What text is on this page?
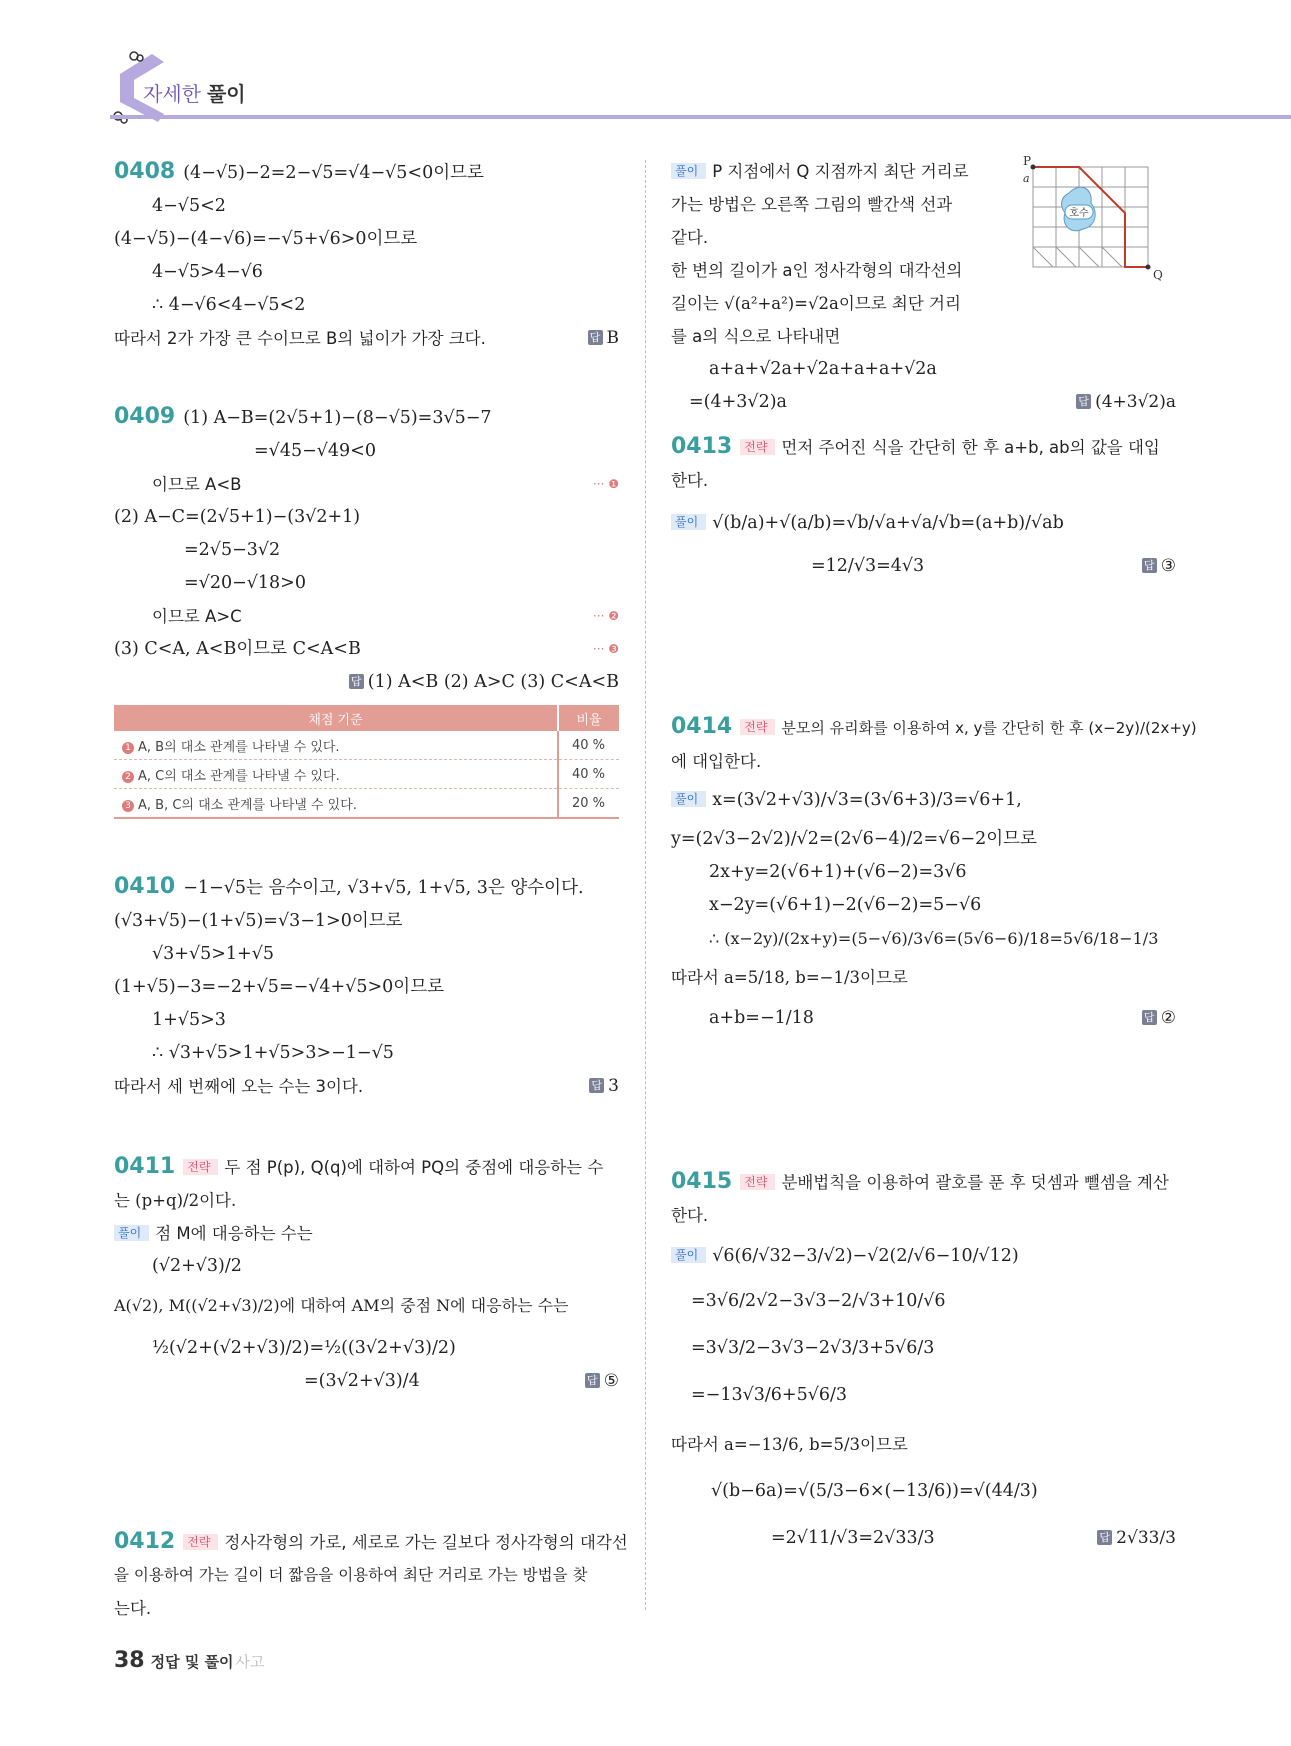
자세한 풀이
0408 (4−√5)−2=2−√5=√4−√5<0이므로
4−√5<2
(4−√5)−(4−√6)=−√5+√6>0이므로
4−√5>4−√6
∴ 4−√6<4−√5<2
따라서 2가 가장 큰 수이므로 B의 넓이가 가장 크다.	답 B
0409 (1) A−B=(2√5+1)−(8−√5)=3√5−7
=√45−√49<0
이므로 A<B	··· ❶
(2) A−C=(2√5+1)−(3√2+1)
=2√5−3√2
=√20−√18>0
이므로 A>C	··· ❷
(3) C<A, A<B이므로 C<A<B	··· ❸
답 (1) A<B (2) A>C (3) C<A<B
채점 기준	비율
1 A, B의 대소 관계를 나타낼 수 있다.	40 %
2 A, C의 대소 관계를 나타낼 수 있다.	40 %
3 A, B, C의 대소 관계를 나타낼 수 있다.	20 %
0410 −1−√5는 음수이고, √3+√5, 1+√5, 3은 양수이다.
(√3+√5)−(1+√5)=√3−1>0이므로
√3+√5>1+√5
(1+√5)−3=−2+√5=−√4+√5>0이므로
1+√5>3
∴ √3+√5>1+√5>3>−1−√5
따라서 세 번째에 오는 수는 3이다.	답 3
0411 전략 두 점 P(p), Q(q)에 대하여 PQ의 중점에 대응하는 수
는 (p+q)/2이다.
풀이 점 M에 대응하는 수는
(√2+√3)/2
A(√2), M((√2+√3)/2)에 대하여 AM의 중점 N에 대응하는 수는
½(√2+(√2+√3)/2)=½((3√2+√3)/2)
=(3√2+√3)/4	답 ⑤
0412 전략 정사각형의 가로, 세로로 가는 길보다 정사각형의 대각선
을 이용하여 가는 길이 더 짧음을 이용하여 최단 거리로 가는 방법을 찾
는다.
풀이 P 지점에서 Q 지점까지 최단 거리로
가는 방법은 오른쪽 그림의 빨간색 선과
같다.
한 변의 길이가 a인 정사각형의 대각선의
길이는 √(a²+a²)=√2a이므로 최단 거리
를 a의 식으로 나타내면
a+a+√2a+√2a+a+a+√2a
=(4+3√2)a	답 (4+3√2)a
P
a
Q
호수
0413 전략 먼저 주어진 식을 간단히 한 후 a+b, ab의 값을 대입
한다.
풀이 √(b/a)+√(a/b)=√b/√a+√a/√b=(a+b)/√ab
=12/√3=4√3	답 ③
0414 전략 분모의 유리화를 이용하여 x, y를 간단히 한 후 (x−2y)/(2x+y)
에 대입한다.
풀이 x=(3√2+√3)/√3=(3√6+3)/3=√6+1,
y=(2√3−2√2)/√2=(2√6−4)/2=√6−2이므로
2x+y=2(√6+1)+(√6−2)=3√6
x−2y=(√6+1)−2(√6−2)=5−√6
∴ (x−2y)/(2x+y)=(5−√6)/3√6=(5√6−6)/18=5√6/18−1/3
따라서 a=5/18, b=−1/3이므로
a+b=−1/18	답 ②
0415 전략 분배법칙을 이용하여 괄호를 푼 후 덧셈과 뺄셈을 계산
한다.
풀이 √6(6/√32−3/√2)−√2(2/√6−10/√12)
=3√6/2√2−3√3−2/√3+10/√6
=3√3/2−3√3−2√3/3+5√6/3
=−13√3/6+5√6/3
따라서 a=−13/6, b=5/3이므로
√(b−6a)=√(5/3−6×(−13/6))=√(44/3)
=2√11/√3=2√33/3	답 2√33/3
38 정답 및 풀이 사고
